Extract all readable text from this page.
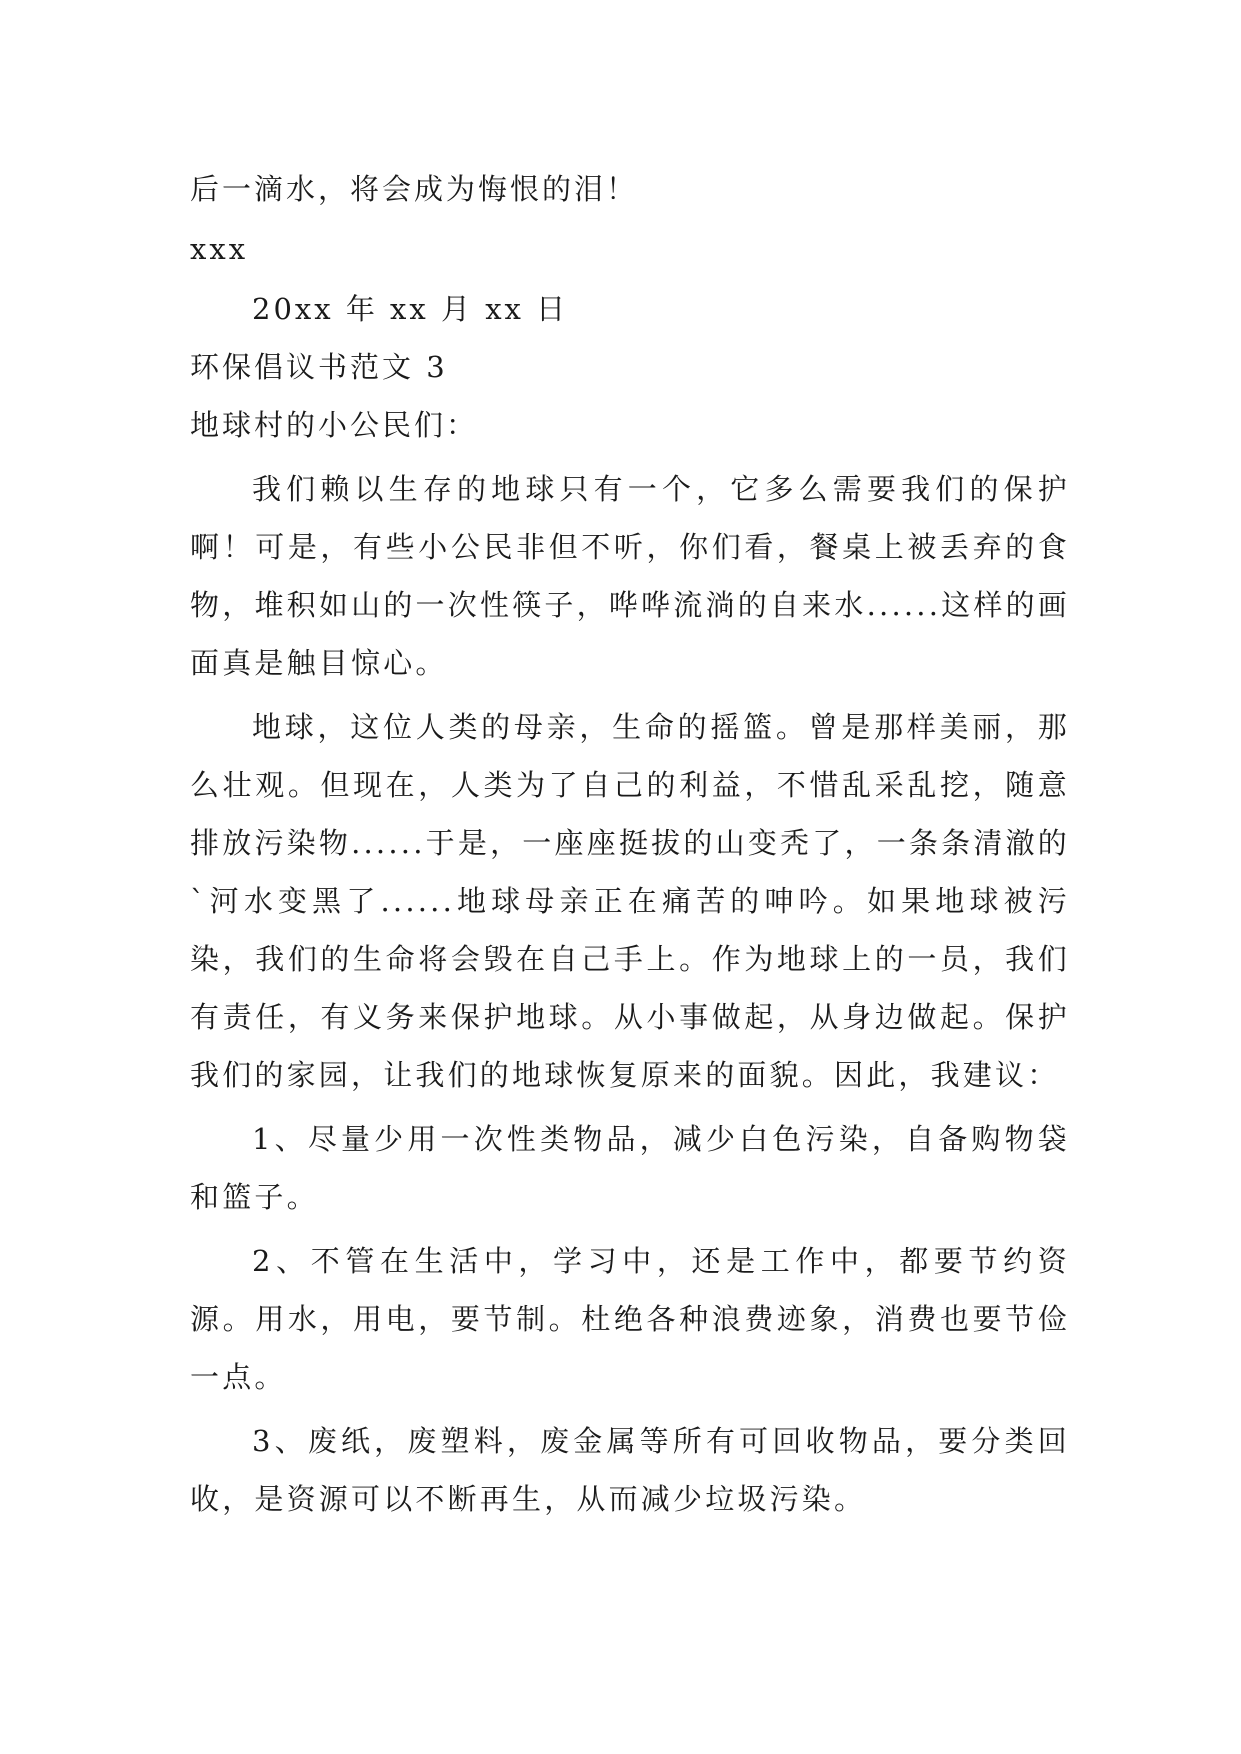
后一滴水，将会成为悔恨的泪！

xxx

20xx 年 xx 月 xx 日

环保倡议书范文 3

地球村的小公民们：

我们赖以生存的地球只有一个，它多么需要我们的保护啊！可是，有些小公民非但不听，你们看，餐桌上被丢弃的食物，堆积如山的一次性筷子，哗哗流淌的自来水......这样的画面真是触目惊心。

地球，这位人类的母亲，生命的摇篮。曾是那样美丽，那么壮观。但现在，人类为了自己的利益，不惜乱采乱挖，随意排放污染物......于是，一座座挺拔的山变秃了，一条条清澈的`河水变黑了......地球母亲正在痛苦的呻吟。如果地球被污染，我们的生命将会毁在自己手上。作为地球上的一员，我们有责任，有义务来保护地球。从小事做起，从身边做起。保护我们的家园，让我们的地球恢复原来的面貌。因此，我建议：

1、尽量少用一次性类物品，减少白色污染，自备购物袋和篮子。

2、不管在生活中，学习中，还是工作中，都要节约资源。用水，用电，要节制。杜绝各种浪费迹象，消费也要节俭一点。

3、废纸，废塑料，废金属等所有可回收物品，要分类回收，是资源可以不断再生，从而减少垃圾污染。
